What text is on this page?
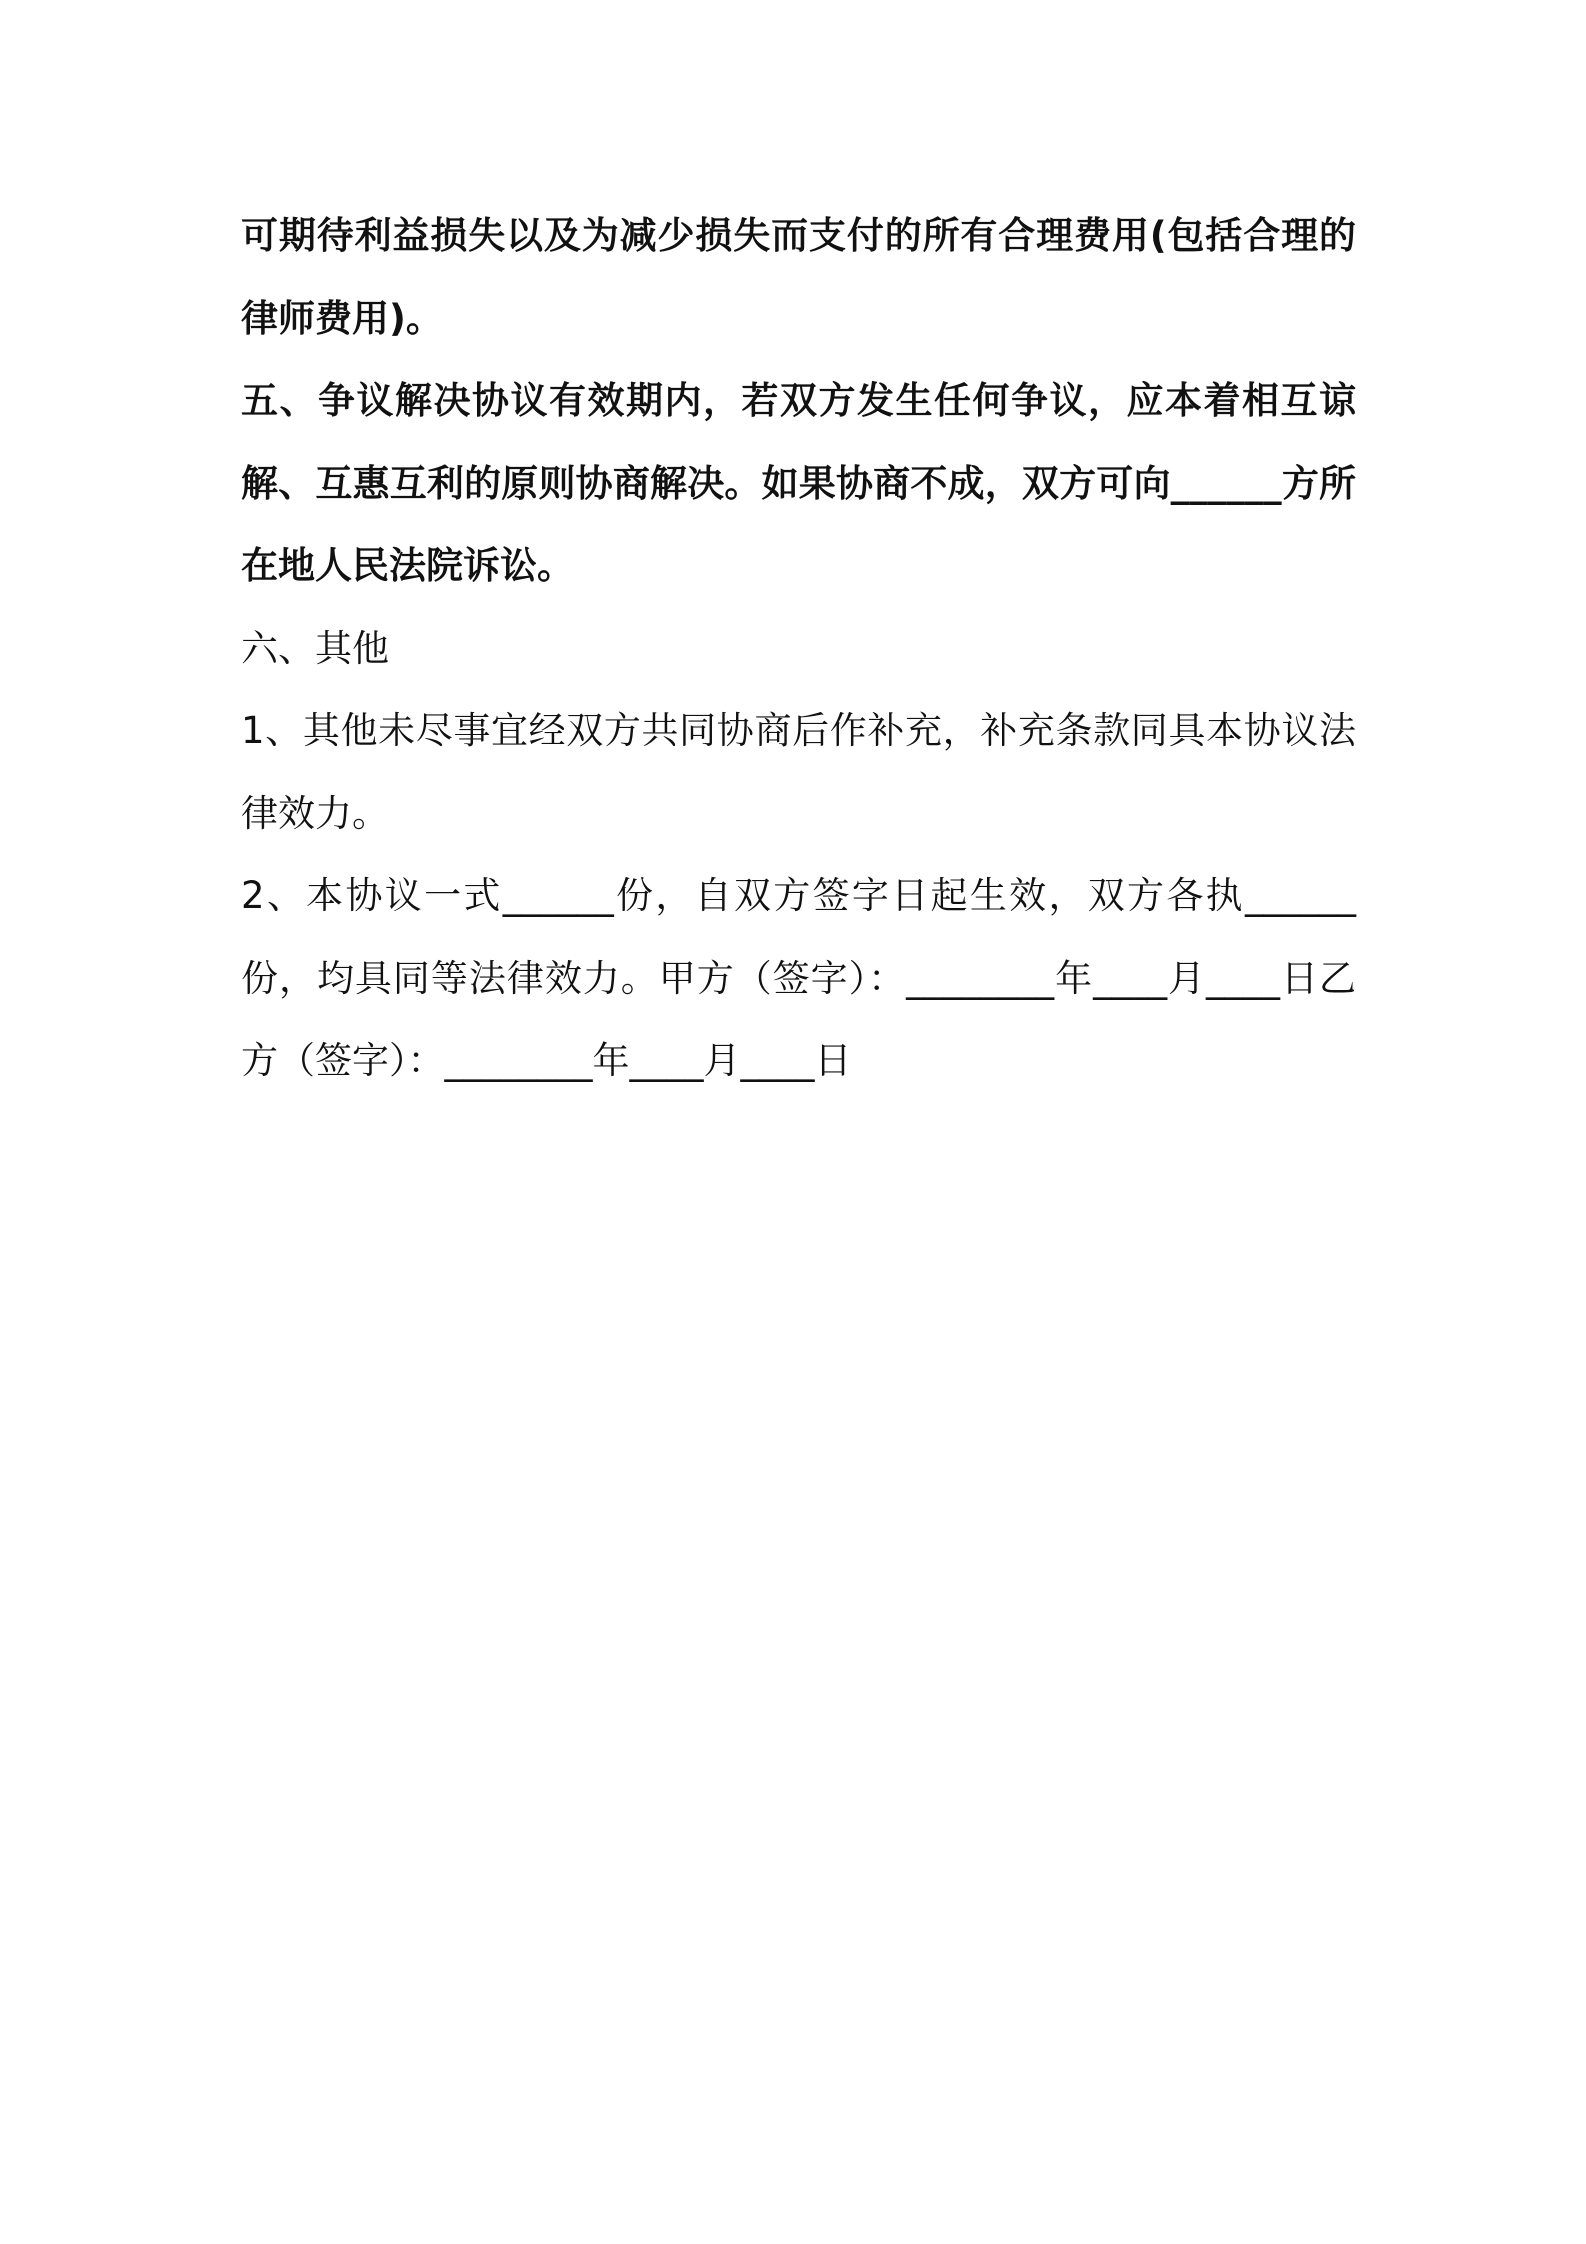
可期待利益损失以及为减少损失而支付的所有合理费用(包括合理的律师费用)。

五、争议解决协议有效期内，若双方发生任何争议，应本着相互谅解、互惠互利的原则协商解决。如果协商不成，双方可向______方所在地人民法院诉讼。

六、其他

1、其他未尽事宜经双方共同协商后作补充，补充条款同具本协议法律效力。

2、本协议一式______份，自双方签字日起生效，双方各执______份，均具同等法律效力。甲方（签字）：________年____月____日乙方（签字）：________年____月____日
